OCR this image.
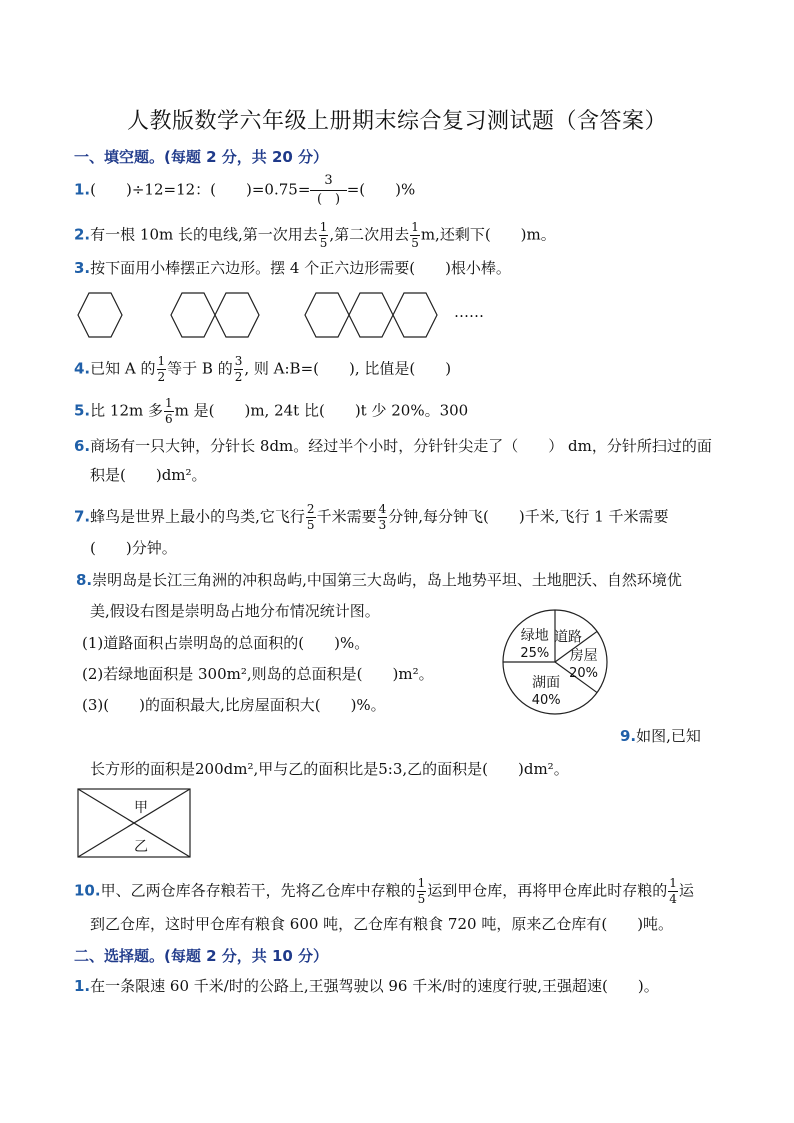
人教版数学六年级上册期末综合复习测试题（含答案）
一、填空题。(每题 2 分，共 20 分）
1.(　　)÷12=12：(　　)=0.75=	3
(　)=(　　)%
2.有一根 10m 长的电线,第一次用去 $\frac{1}{5}$ ,第二次用去 $\frac{1}{5} m$,还剩下(　　)m。
3.按下面用小棒摆正六边形。摆 4 个正六边形需要(　　)根小棒。
……
4.已知 A 的 $\frac{1}{2}$ 等于 B 的 $\frac{3}{2}$ , 则 A:B=(　　), 比值是(　　)
5.比 12m 多 $\frac{1}{6}$ m 是(　　)m, 24t 比(　　)t 少 20%。300
6.商场有一只大钟，分针长 8dm。经过半个小时，分针针尖走了（　　） dm，分针所扫过的面
积是(　　)dm²。
7.蜂鸟是世界上最小的鸟类,它飞行 $\frac{2}{5}$ 千米需要 $\frac{4}{3}$ 分钟,每分钟飞(　　)千米,飞行 1 千米需要
(　　)分钟。
8.崇明岛是长江三角洲的冲积岛屿,中国第三大岛屿，岛上地势平坦、土地肥沃、自然环境优
美,假设右图是崇明岛占地分布情况统计图。
(1)道路面积占崇明岛的总面积的(　　)%。
(2)若绿地面积是 300m²,则岛的总面积是(　　)m²。
(3)(　　)的面积最大,比房屋面积大(　　)%。
绿地
25%
道路
房屋
20%
湖面
40%
9.如图,已知
长方形的面积是200dm²,甲与乙的面积比是5:3,乙的面积是(　　)dm²。
甲
乙
10.甲、乙两仓库各存粮若干，先将乙仓库中存粮的 $\frac{1}{5}$ 运到甲仓库，再将甲仓库此时存粮的 $\frac{1}{4}$ 运
到乙仓库，这时甲仓库有粮食 600 吨，乙仓库有粮食 720 吨，原来乙仓库有(　　)吨。
二、选择题。(每题 2 分，共 10 分）
1.在一条限速 60 千米/时的公路上,王强驾驶以 96 千米/时的速度行驶,王强超速(　　)。
